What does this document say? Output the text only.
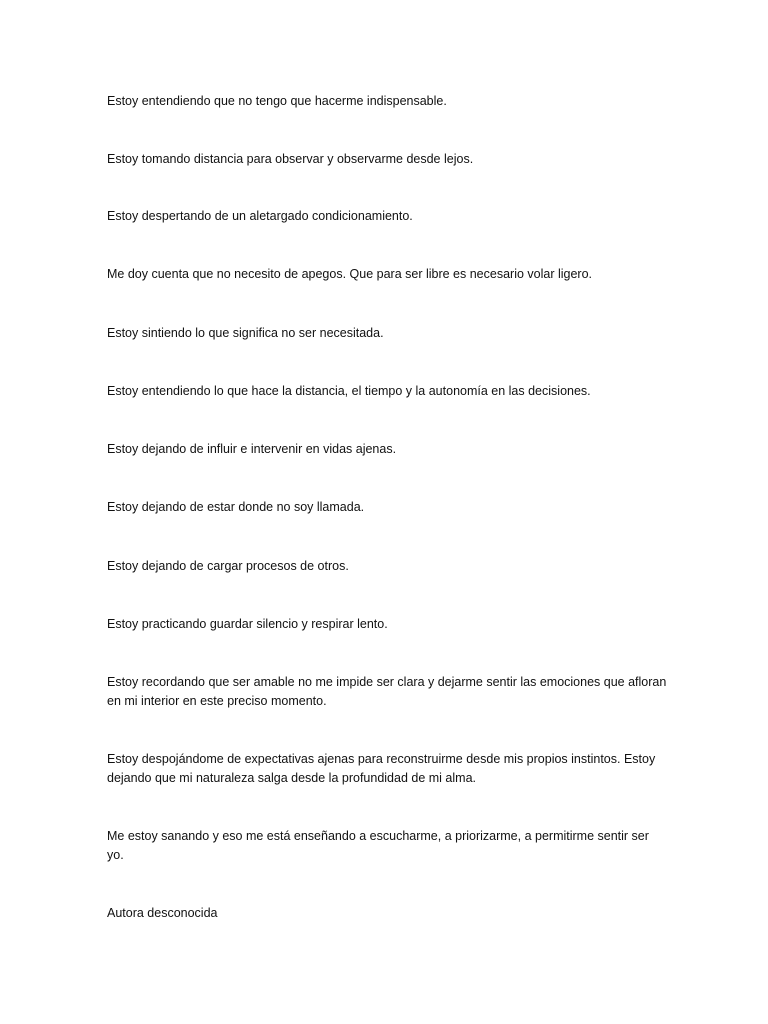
Estoy entendiendo que no tengo que hacerme indispensable.

Estoy tomando distancia para observar y observarme desde lejos.

Estoy despertando de un aletargado condicionamiento.

Me doy cuenta que no necesito de apegos. Que para ser libre es necesario volar ligero.

Estoy sintiendo lo que significa no ser necesitada.

Estoy entendiendo lo que hace la distancia, el tiempo y la autonomía en las decisiones.

Estoy dejando de influir e intervenir en vidas ajenas.

Estoy dejando de estar donde no soy llamada.

Estoy dejando de cargar procesos de otros.

Estoy practicando guardar silencio y respirar lento.

Estoy recordando que ser amable no me impide ser clara y dejarme sentir las emociones que afloran en mi interior en este preciso momento.

Estoy despojándome de expectativas ajenas para reconstruirme desde mis propios instintos. Estoy dejando que mi naturaleza salga desde la profundidad de mi alma.

Me estoy sanando y eso me está enseñando a escucharme, a priorizarme, a permitirme sentir ser yo.

Autora desconocida
